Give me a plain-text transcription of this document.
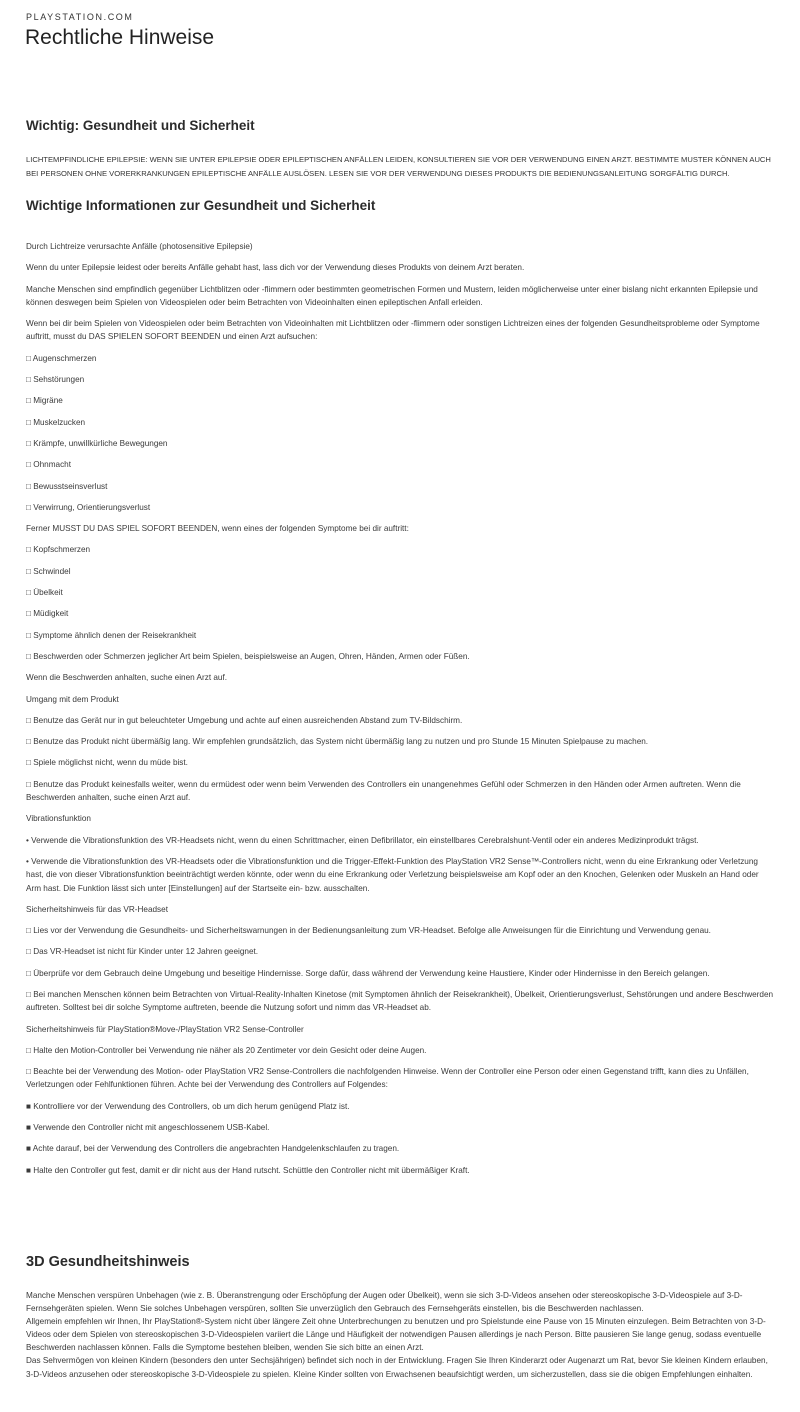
PLAYSTATION.COM
Rechtliche Hinweise
Wichtig: Gesundheit und Sicherheit

LICHTEMPFINDLICHE EPILEPSIE: WENN SIE UNTER EPILEPSIE ODER EPILEPTISCHEN ANFÄLLEN LEIDEN, KONSULTIEREN SIE VOR DER VERWENDUNG EINEN ARZT. BESTIMMTE MUSTER KÖNNEN AUCH BEI PERSONEN OHNE VORERKRANKUNGEN EPILEPTISCHE ANFÄLLE AUSLÖSEN. LESEN SIE VOR DER VERWENDUNG DIESES PRODUKTS DIE BEDIENUNGSANLEITUNG SORGFÄLTIG DURCH.

Wichtige Informationen zur Gesundheit und Sicherheit

Durch Lichtreize verursachte Anfälle (photosensitive Epilepsie)

Wenn du unter Epilepsie leidest oder bereits Anfälle gehabt hast, lass dich vor der Verwendung dieses Produkts von deinem Arzt beraten.

Manche Menschen sind empfindlich gegenüber Lichtblitzen oder -flimmern oder bestimmten geometrischen Formen und Mustern, leiden möglicherweise unter einer bislang nicht erkannten Epilepsie und können deswegen beim Spielen von Videospielen oder beim Betrachten von Videoinhalten einen epileptischen Anfall erleiden.

Wenn bei dir beim Spielen von Videospielen oder beim Betrachten von Videoinhalten mit Lichtblitzen oder -flimmern oder sonstigen Lichtreizen eines der folgenden Gesundheitsprobleme oder Symptome auftritt, musst du DAS SPIELEN SOFORT BEENDEN und einen Arzt aufsuchen:

□ Augenschmerzen

□ Sehstörungen

□ Migräne

□ Muskelzucken

□ Krämpfe, unwillkürliche Bewegungen

□ Ohnmacht

□ Bewusstseinsverlust

□ Verwirrung, Orientierungsverlust

Ferner MUSST DU DAS SPIEL SOFORT BEENDEN, wenn eines der folgenden Symptome bei dir auftritt:

□ Kopfschmerzen

□ Schwindel

□ Übelkeit

□ Müdigkeit

□ Symptome ähnlich denen der Reisekrankheit

□ Beschwerden oder Schmerzen jeglicher Art beim Spielen, beispielsweise an Augen, Ohren, Händen, Armen oder Füßen.

Wenn die Beschwerden anhalten, suche einen Arzt auf.

Umgang mit dem Produkt

□ Benutze das Gerät nur in gut beleuchteter Umgebung und achte auf einen ausreichenden Abstand zum TV-Bildschirm.

□ Benutze das Produkt nicht übermäßig lang. Wir empfehlen grundsätzlich, das System nicht übermäßig lang zu nutzen und pro Stunde 15 Minuten Spielpause zu machen.

□ Spiele möglichst nicht, wenn du müde bist.

□ Benutze das Produkt keinesfalls weiter, wenn du ermüdest oder wenn beim Verwenden des Controllers ein unangenehmes Gefühl oder Schmerzen in den Händen oder Armen auftreten. Wenn die Beschwerden anhalten, suche einen Arzt auf.

Vibrationsfunktion

• Verwende die Vibrationsfunktion des VR-Headsets nicht, wenn du einen Schrittmacher, einen Defibrillator, ein einstellbares Cerebralshunt-Ventil oder ein anderes Medizinprodukt trägst.

• Verwende die Vibrationsfunktion des VR-Headsets oder die Vibrationsfunktion und die Trigger-Effekt-Funktion des PlayStation VR2 Sense™-Controllers nicht, wenn du eine Erkrankung oder Verletzung hast, die von dieser Vibrationsfunktion beeinträchtigt werden könnte, oder wenn du eine Erkrankung oder Verletzung beispielsweise am Kopf oder an den Knochen, Gelenken oder Muskeln an Hand oder Arm hast. Die Funktion lässt sich unter [Einstellungen] auf der Startseite ein- bzw. ausschalten.

Sicherheitshinweis für das VR-Headset

□ Lies vor der Verwendung die Gesundheits- und Sicherheitswarnungen in der Bedienungsanleitung zum VR-Headset. Befolge alle Anweisungen für die Einrichtung und Verwendung genau.

□ Das VR-Headset ist nicht für Kinder unter 12 Jahren geeignet.

□ Überprüfe vor dem Gebrauch deine Umgebung und beseitige Hindernisse. Sorge dafür, dass während der Verwendung keine Haustiere, Kinder oder Hindernisse in den Bereich gelangen.

□ Bei manchen Menschen können beim Betrachten von Virtual-Reality-Inhalten Kinetose (mit Symptomen ähnlich der Reisekrankheit), Übelkeit, Orientierungsverlust, Sehstörungen und andere Beschwerden auftreten. Solltest bei dir solche Symptome auftreten, beende die Nutzung sofort und nimm das VR-Headset ab.

Sicherheitshinweis für PlayStation®Move-/PlayStation VR2 Sense-Controller

□ Halte den Motion-Controller bei Verwendung nie näher als 20 Zentimeter vor dein Gesicht oder deine Augen.

□ Beachte bei der Verwendung des Motion- oder PlayStation VR2 Sense-Controllers die nachfolgenden Hinweise. Wenn der Controller eine Person oder einen Gegenstand trifft, kann dies zu Unfällen, Verletzungen oder Fehlfunktionen führen. Achte bei der Verwendung des Controllers auf Folgendes:

■ Kontrolliere vor der Verwendung des Controllers, ob um dich herum genügend Platz ist.

■ Verwende den Controller nicht mit angeschlossenem USB-Kabel.

■ Achte darauf, bei der Verwendung des Controllers die angebrachten Handgelenkschlaufen zu tragen.

■ Halte den Controller gut fest, damit er dir nicht aus der Hand rutscht. Schüttle den Controller nicht mit übermäßiger Kraft.

3D Gesundheitshinweis

Manche Menschen verspüren Unbehagen (wie z. B. Überanstrengung oder Erschöpfung der Augen oder Übelkeit), wenn sie sich 3-D-Videos ansehen oder stereoskopische 3-D-Videospiele auf 3-D-Fernsehgeräten spielen. Wenn Sie solches Unbehagen verspüren, sollten Sie unverzüglich den Gebrauch des Fernsehgeräts einstellen, bis die Beschwerden nachlassen.

Allgemein empfehlen wir Ihnen, Ihr PlayStation®-System nicht über längere Zeit ohne Unterbrechungen zu benutzen und pro Spielstunde eine Pause von 15 Minuten einzulegen. Beim Betrachten von 3-D-Videos oder dem Spielen von stereoskopischen 3-D-Videospielen variiert die Länge und Häufigkeit der notwendigen Pausen allerdings je nach Person. Bitte pausieren Sie lange genug, sodass eventuelle Beschwerden nachlassen können. Falls die Symptome bestehen bleiben, wenden Sie sich bitte an einen Arzt.

Das Sehvermögen von kleinen Kindern (besonders den unter Sechsjährigen) befindet sich noch in der Entwicklung. Fragen Sie Ihren Kinderarzt oder Augenarzt um Rat, bevor Sie kleinen Kindern erlauben, 3-D-Videos anzusehen oder stereoskopische 3-D-Videospiele zu spielen. Kleine Kinder sollten von Erwachsenen beaufsichtigt werden, um sicherzustellen, dass sie die obigen Empfehlungen einhalten.
